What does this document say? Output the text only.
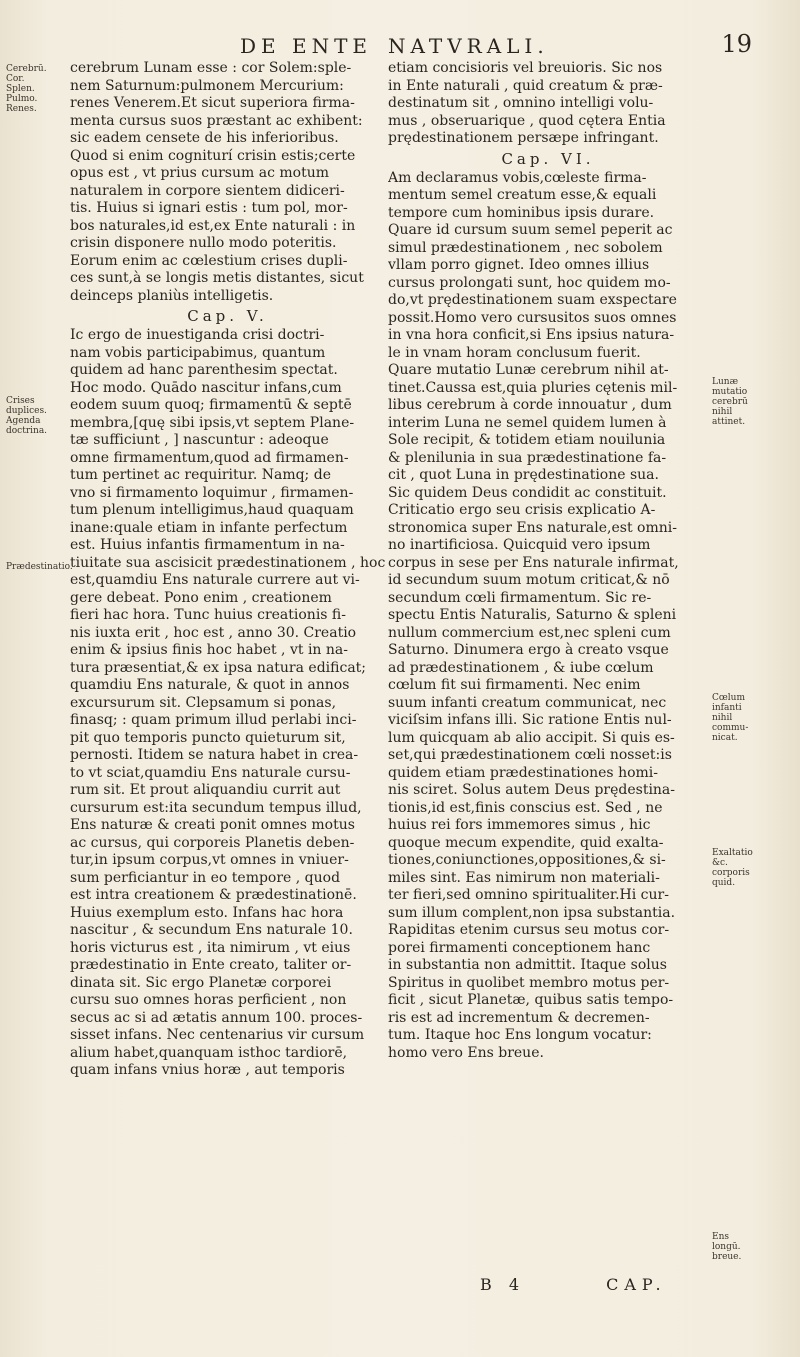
DE ENTE NATVRALI.	19
Cerebrū. Cor. Splen. Pulmo. Renes.
Crises duplices. Agenda doctrina.
Prædestinatio.
Lunæ mutatio cerebrū nihil attinet.
Cœlum infanti nihil commu- nicat.
Exaltatio &c. corporis quid.
Ens longū. breue.
cerebrum Lunam esse : cor Solem:sple-
nem Saturnum:pulmonem Mercurium:
renes Venerem.Et sicut superiora firma-
menta cursus suos præstant ac exhibent:
sic eadem censete de his inferioribus.
Quod si enim cogniturí crisin estis;certe
opus est , vt prius cursum ac motum
naturalem in corpore sientem didiceri-
tis. Huius si ignari estis : tum pol, mor-
bos naturales,id est,ex Ente naturali : in
crisin disponere nullo modo poteritis.
Eorum enim ac cœlestium crises dupli-
ces sunt,à se longis metis distantes, sicut
deinceps planiùs intelligetis.
Cap. V.
Ic ergo de inuestiganda crisi doctri-
nam vobis participabimus, quantum
quidem ad hanc parenthesim spectat.
Hoc modo. Quādo nascitur infans,cum
eodem suum quoq; firmamentū & septē
membra,[quę sibi ipsis,vt septem Plane-
tæ sufficiunt , ] nascuntur : adeoque
omne firmamentum,quod ad firmamen-
tum pertinet ac requiritur. Namq; de
vno si firmamento loquimur , firmamen-
tum plenum intelligimus,haud quaquam
inane:quale etiam in infante perfectum
est. Huius infantis firmamentum in na-
tiuitate sua ascisicit prædestinationem , hoc
est,quamdiu Ens naturale currere aut vi-
gere debeat. Pono enim , creationem
fieri hac hora. Tunc huius creationis fi-
nis iuxta erit , hoc est , anno 30. Creatio
enim & ipsius finis hoc habet , vt in na-
tura præsentiat,& ex ipsa natura edificat;
quamdiu Ens naturale, & quot in annos
excursurum sit. Clepsamum si ponas,
finasq; : quam primum illud perlabi inci-
pit quo temporis puncto quieturum sit,
pernosti. Itidem se natura habet in crea-
to vt sciat,quamdiu Ens naturale cursu-
rum sit. Et prout aliquandiu currit aut
cursurum est:ita secundum tempus illud,
Ens naturæ & creati ponit omnes motus
ac cursus, qui corporeis Planetis deben-
tur,in ipsum corpus,vt omnes in vniuer-
sum perficiantur in eo tempore , quod
est intra creationem & prædestinationē.
Huius exemplum esto. Infans hac hora
nascitur , & secundum Ens naturale 10.
horis victurus est , ita nimirum , vt eius
prædestinatio in Ente creato, taliter or-
dinata sit. Sic ergo Planetæ corporei
cursu suo omnes horas perficient , non
secus ac si ad ætatis annum 100. proces-
sisset infans. Nec centenarius vir cursum
alium habet,quanquam isthoc tardiorē,
quam infans vnius horæ , aut temporis
etiam concisioris vel breuioris. Sic nos
in Ente naturali , quid creatum & præ-
destinatum sit , omnino intelligi volu-
mus , obseruarique , quod cętera Entia
prędestinationem persæpe infringant.
Cap. VI.
Am declaramus vobis,cœleste firma-
mentum semel creatum esse,& equali
tempore cum hominibus ipsis durare.
Quare id cursum suum semel peperit ac
simul prædestinationem , nec sobolem
vllam porro gignet. Ideo omnes illius
cursus prolongati sunt, hoc quidem mo-
do,vt prędestinationem suam exspectare
possit.Homo vero cursusitos suos omnes
in vna hora conficit,si Ens ipsius natura-
le in vnam horam conclusum fuerit.
Quare mutatio Lunæ cerebrum nihil at-
tinet.Caussa est,quia pluries cętenis mil-
libus cerebrum à corde innouatur , dum
interim Luna ne semel quidem lumen à
Sole recipit, & totidem etiam nouilunia
& plenilunia in sua prædestinatione fa-
cit , quot Luna in prędestinatione sua.
Sic quidem Deus condidit ac constituit.
Criticatio ergo seu crisis explicatio A-
stronomica super Ens naturale,est omni-
no inartificiosa. Quicquid vero ipsum
corpus in sese per Ens naturale infirmat,
id secundum suum motum criticat,& nō
secundum cœli firmamentum. Sic re-
spectu Entis Naturalis, Saturno & spleni
nullum commercium est,nec spleni cum
Saturno. Dinumera ergo à creato vsque
ad prædestinationem , & iube cœlum
cœlum fit sui firmamenti. Nec enim
suum infanti creatum communicat, nec
viciſsim infans illi. Sic ratione Entis nul-
lum quicquam ab alio accipit. Si quis es-
set,qui prædestinationem cœli nosset:is
quidem etiam prædestinationes homi-
nis sciret. Solus autem Deus prędestina-
tionis,id est,finis conscius est. Sed , ne
huius rei fors immemores simus , hic
quoque mecum expendite, quid exalta-
tiones,coniunctiones,oppositiones,& si-
miles sint. Eas nimirum non materiali-
ter fieri,sed omnino spiritualiter.Hi cur-
sum illum complent,non ipsa substantia.
Rapiditas etenim cursus seu motus cor-
porei firmamenti conceptionem hanc
in substantia non admittit. Itaque solus
Spiritus in quolibet membro motus per-
ficit , sicut Planetæ, quibus satis tempo-
ris est ad incrementum & decremen-
tum. Itaque hoc Ens longum vocatur:
homo vero Ens breue.
B 4	CAP.
